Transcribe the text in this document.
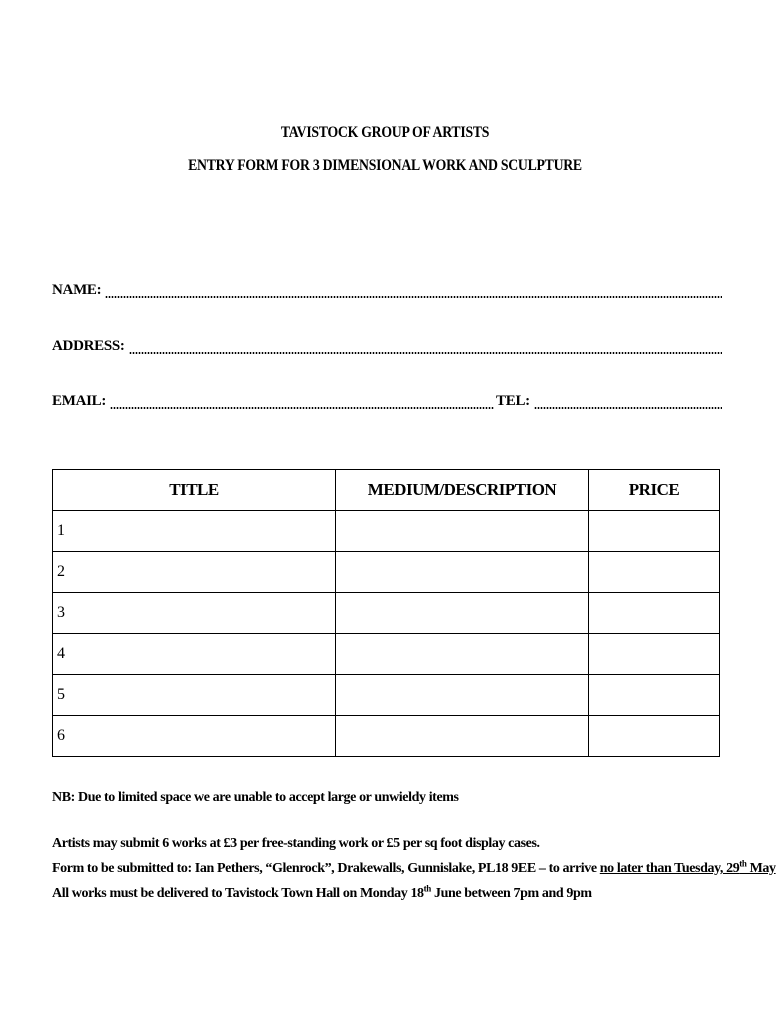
TAVISTOCK GROUP OF ARTISTS
ENTRY FORM FOR 3 DIMENSIONAL WORK AND SCULPTURE
NAME:
ADDRESS:
EMAIL:	TEL:
TITLE	MEDIUM/DESCRIPTION	PRICE
1		
2		
3		
4		
5		
6		
NB: Due to limited space we are unable to accept large or unwieldy items
Artists may submit 6 works at £3 per free-standing work or £5 per sq foot display cases.
Form to be submitted to: Ian Pethers, “Glenrock”, Drakewalls, Gunnislake, PL18 9EE – to arrive no later than Tuesday, 29th May
All works must be delivered to Tavistock Town Hall on Monday 18th June between 7pm and 9pm
